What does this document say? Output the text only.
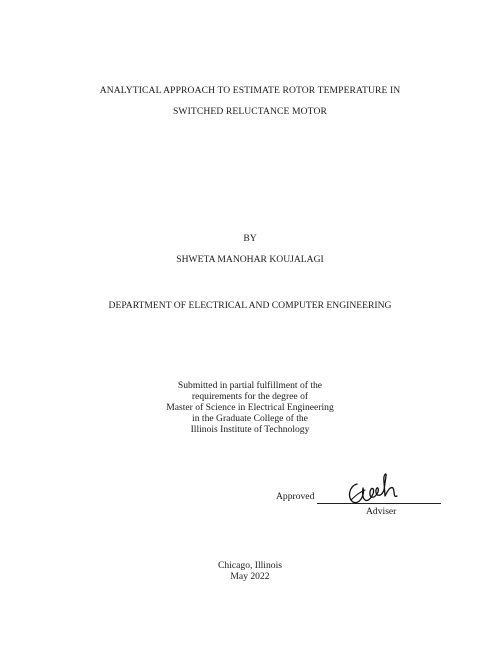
ANALYTICAL APPROACH TO ESTIMATE ROTOR TEMPERATURE IN
SWITCHED RELUCTANCE MOTOR
BY
SHWETA MANOHAR KOUJALAGI
DEPARTMENT OF ELECTRICAL AND COMPUTER ENGINEERING
Submitted in partial fulfillment of the
requirements for the degree of
Master of Science in Electrical Engineering
in the Graduate College of the
Illinois Institute of Technology
Approved
Adviser
Chicago, Illinois
May 2022
